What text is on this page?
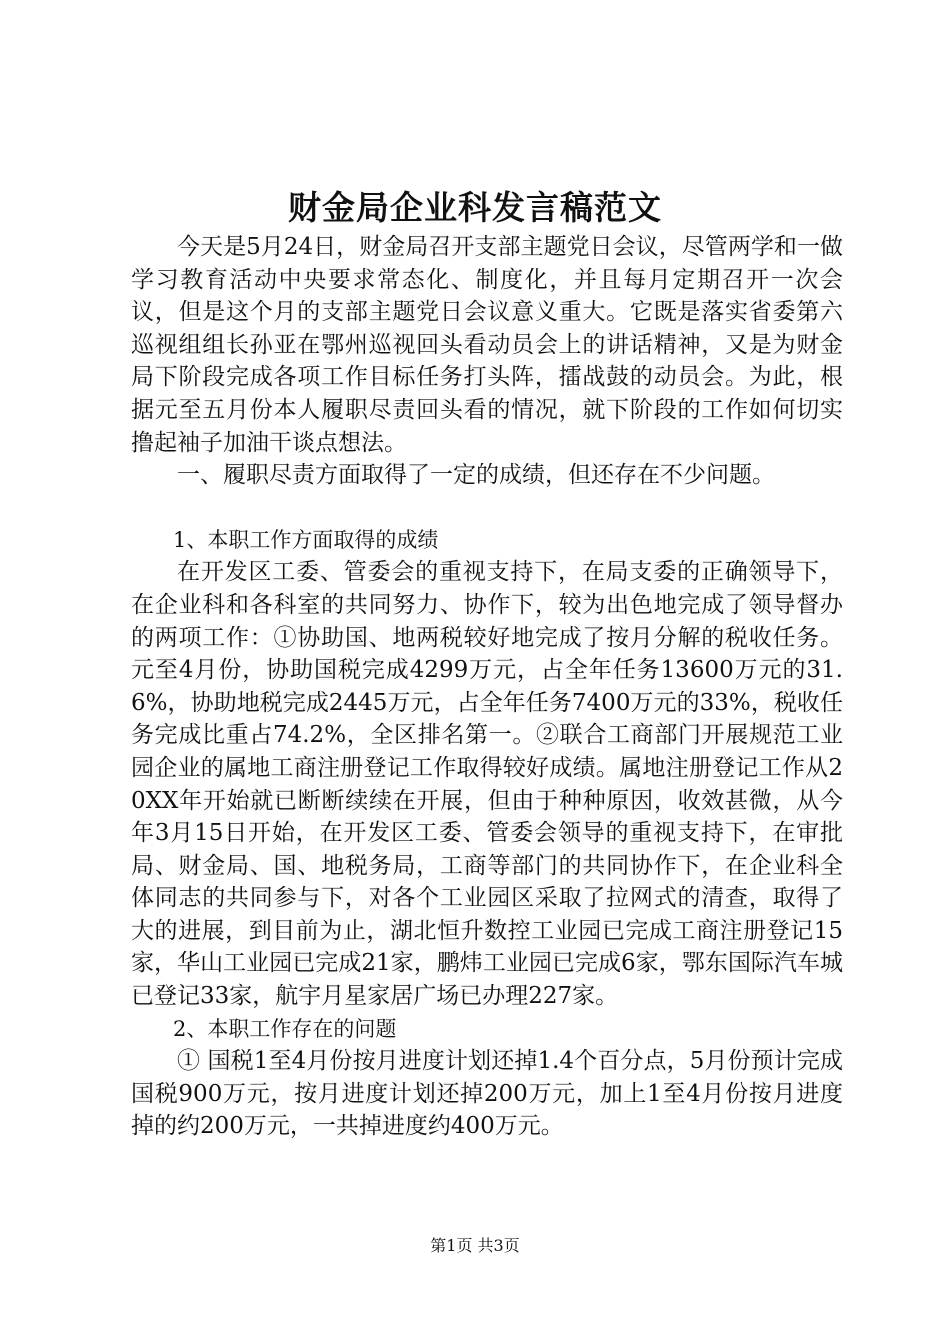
财金局企业科发言稿范文

今天是5月24日，财金局召开支部主题党日会议，尽管两学和一做学习教育活动中央要求常态化、制度化，并且每月定期召开一次会议，但是这个月的支部主题党日会议意义重大。它既是落实省委第六巡视组组长孙亚在鄂州巡视回头看动员会上的讲话精神，又是为财金局下阶段完成各项工作目标任务打头阵，擂战鼓的动员会。为此，根据元至五月份本人履职尽责回头看的情况，就下阶段的工作如何切实撸起袖子加油干谈点想法。

一、履职尽责方面取得了一定的成绩，但还存在不少问题。

1、本职工作方面取得的成绩

在开发区工委、管委会的重视支持下，在局支委的正确领导下，在企业科和各科室的共同努力、协作下，较为出色地完成了领导督办的两项工作：①协助国、地两税较好地完成了按月分解的税收任务。元至4月份，协助国税完成4299万元，占全年任务13600万元的31.6%，协助地税完成2445万元，占全年任务7400万元的33%，税收任务完成比重占74.2%，全区排名第一。②联合工商部门开展规范工业园企业的属地工商注册登记工作取得较好成绩。属地注册登记工作从20XX年开始就已断断续续在开展，但由于种种原因，收效甚微，从今年3月15日开始，在开发区工委、管委会领导的重视支持下，在审批局、财金局、国、地税务局，工商等部门的共同协作下，在企业科全体同志的共同参与下，对各个工业园区采取了拉网式的清查，取得了大的进展，到目前为止，湖北恒升数控工业园已完成工商注册登记15家，华山工业园已完成21家，鹏炜工业园已完成6家，鄂东国际汽车城已登记33家，航宇月星家居广场已办理227家。

2、本职工作存在的问题

① 国税1至4月份按月进度计划还掉1.4个百分点，5月份预计完成国税900万元，按月进度计划还掉200万元，加上1至4月份按月进度掉的约200万元，一共掉进度约400万元。

第1页 共3页
